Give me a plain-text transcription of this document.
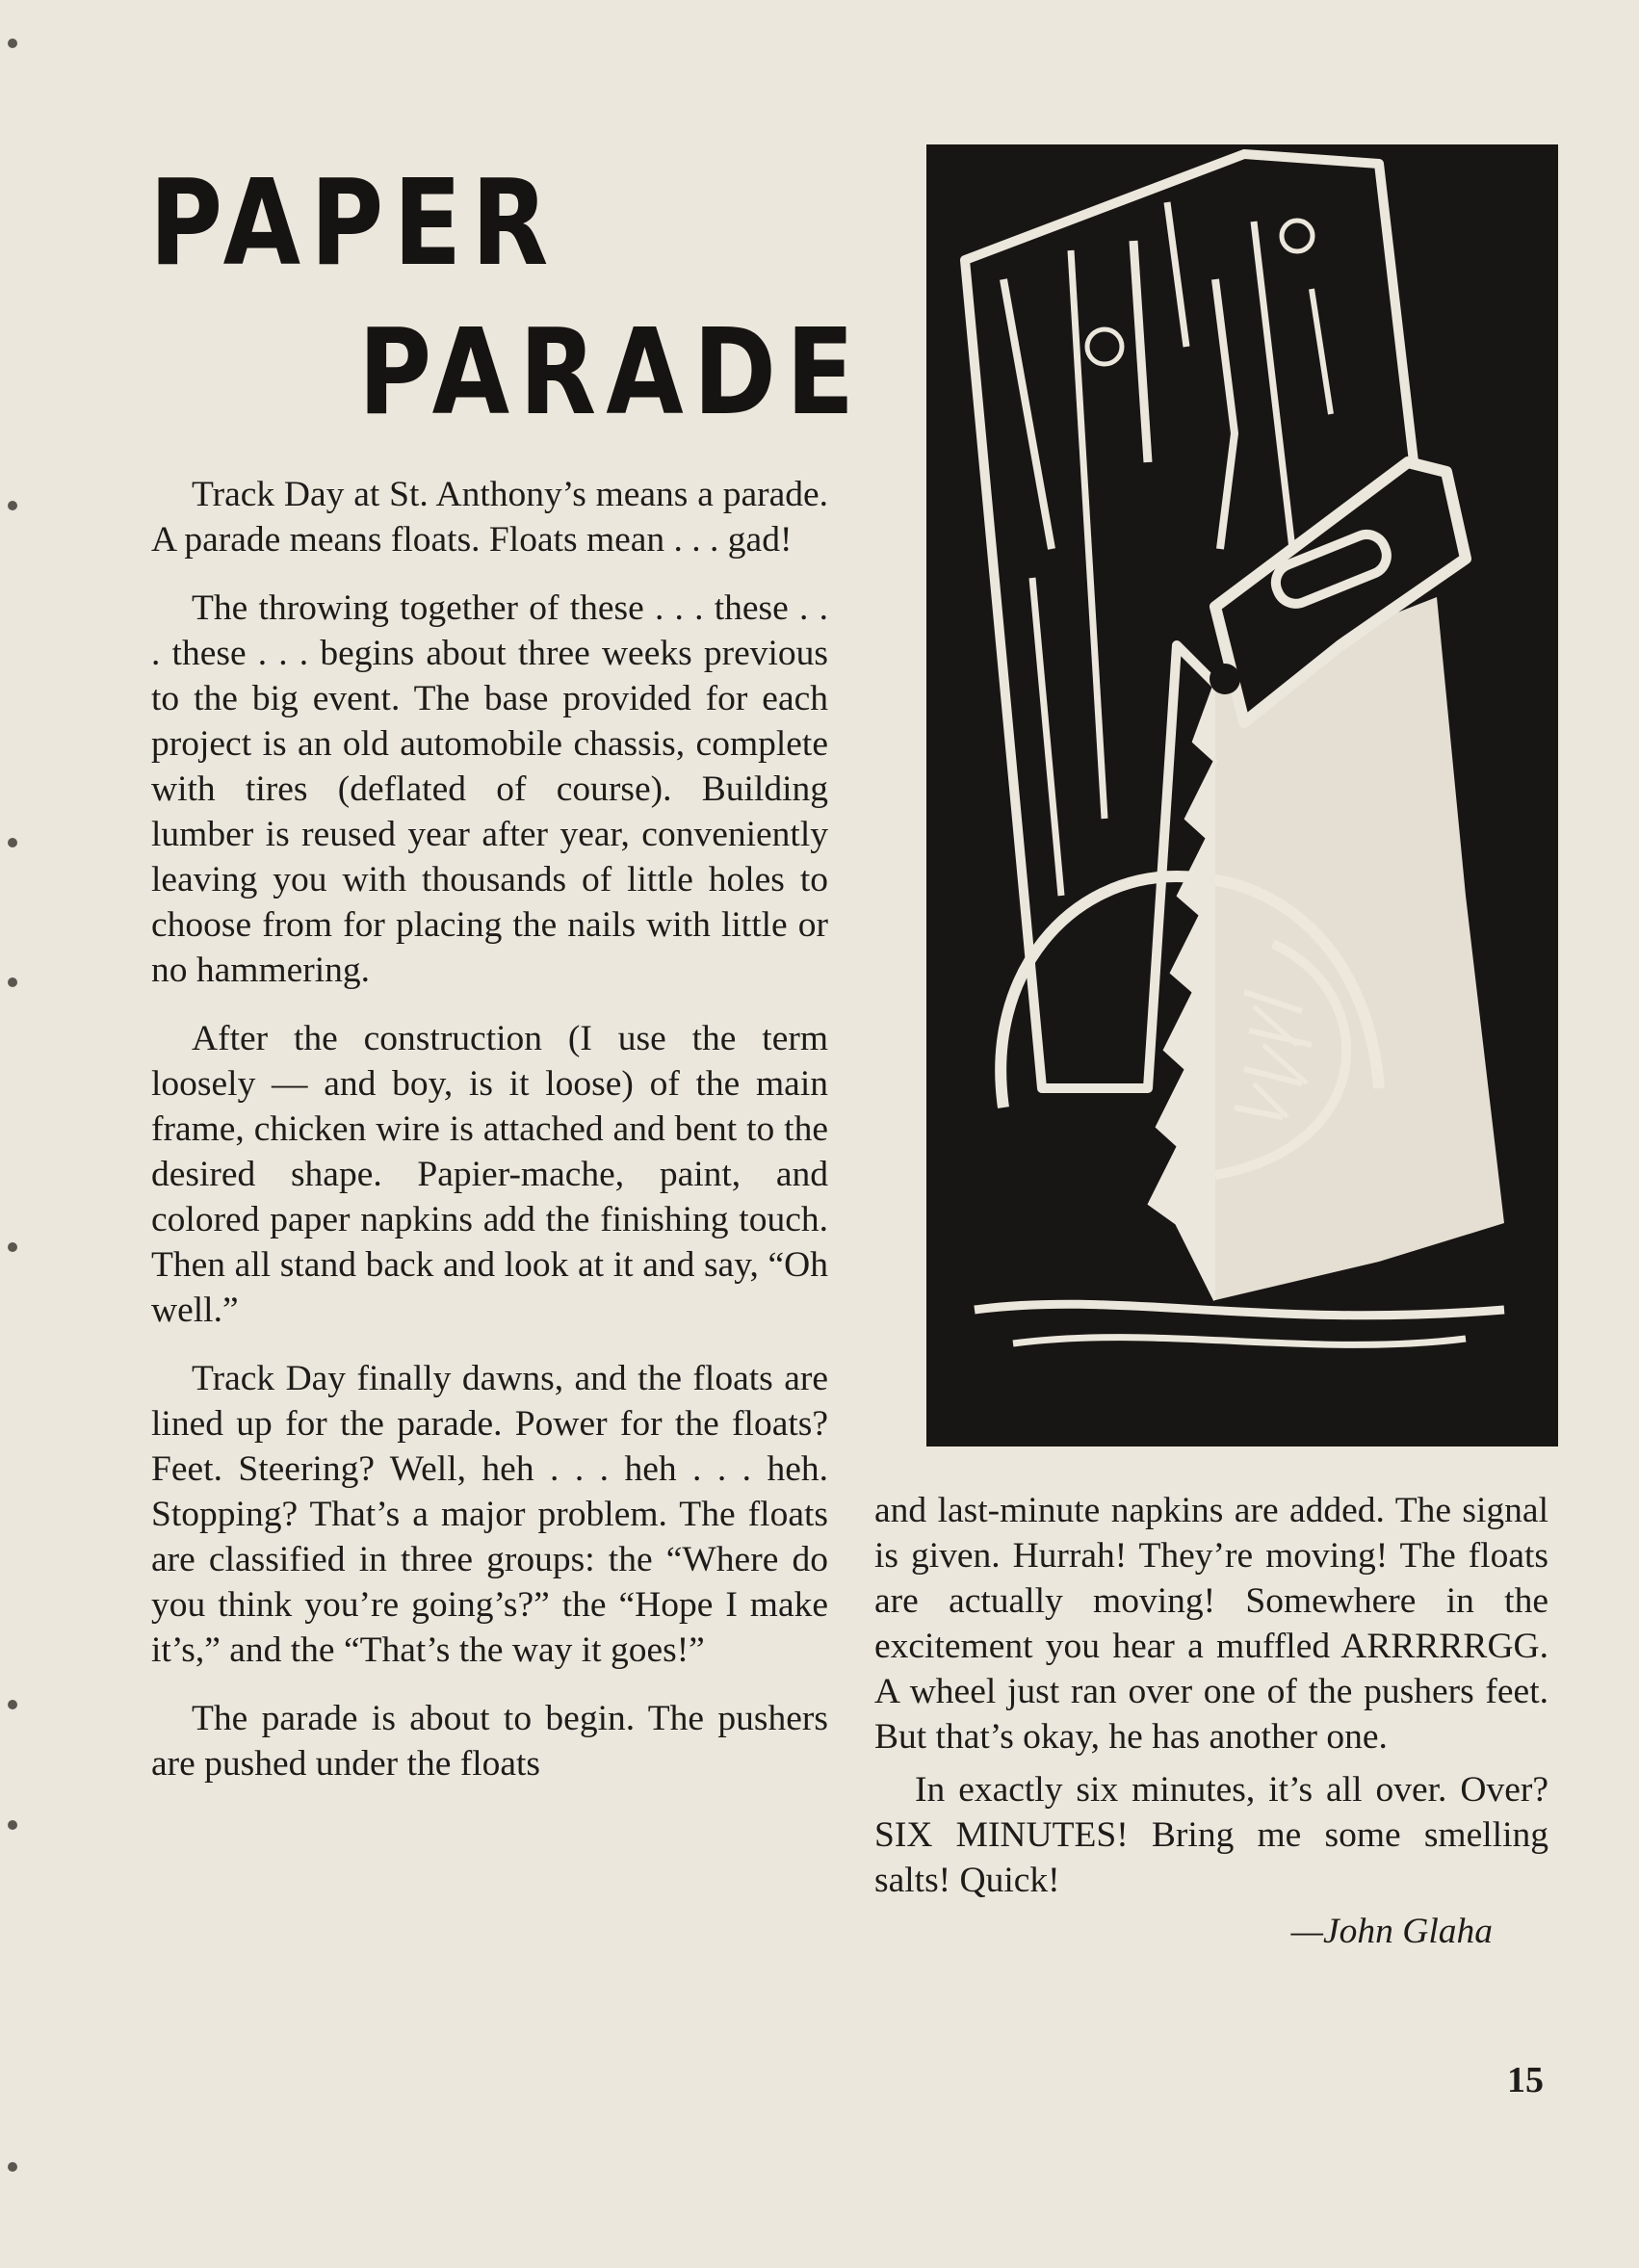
PAPER
PARADE

Track Day at St. Anthony’s means a parade. A parade means floats. Floats mean . . . gad!

The throwing together of these . . . these . . . these . . . begins about three weeks previous to the big event. The base provided for each project is an old automobile chassis, complete with tires (deflated of course). Building lumber is reused year after year, conveniently leaving you with thousands of little holes to choose from for placing the nails with little or no hammering.

After the construction (I use the term loosely — and boy, is it loose) of the main frame, chicken wire is attached and bent to the desired shape. Papier-mache, paint, and colored paper napkins add the finishing touch. Then all stand back and look at it and say, “Oh well.”

Track Day finally dawns, and the floats are lined up for the parade. Power for the floats? Feet. Steering? Well, heh . . . heh . . . heh. Stopping? That’s a major problem. The floats are classified in three groups: the “Where do you think you’re going’s?” the “Hope I make it’s,” and the “That’s the way it goes!”

The parade is about to begin. The pushers are pushed under the floats

and last-minute napkins are added. The signal is given. Hurrah! They’re moving! The floats are actually moving! Somewhere in the excitement you hear a muffled ARRRRRGG. A wheel just ran over one of the pushers feet. But that’s okay, he has another one.

In exactly six minutes, it’s all over. Over? SIX MINUTES! Bring me some smelling salts! Quick!

—John Glaha
15
